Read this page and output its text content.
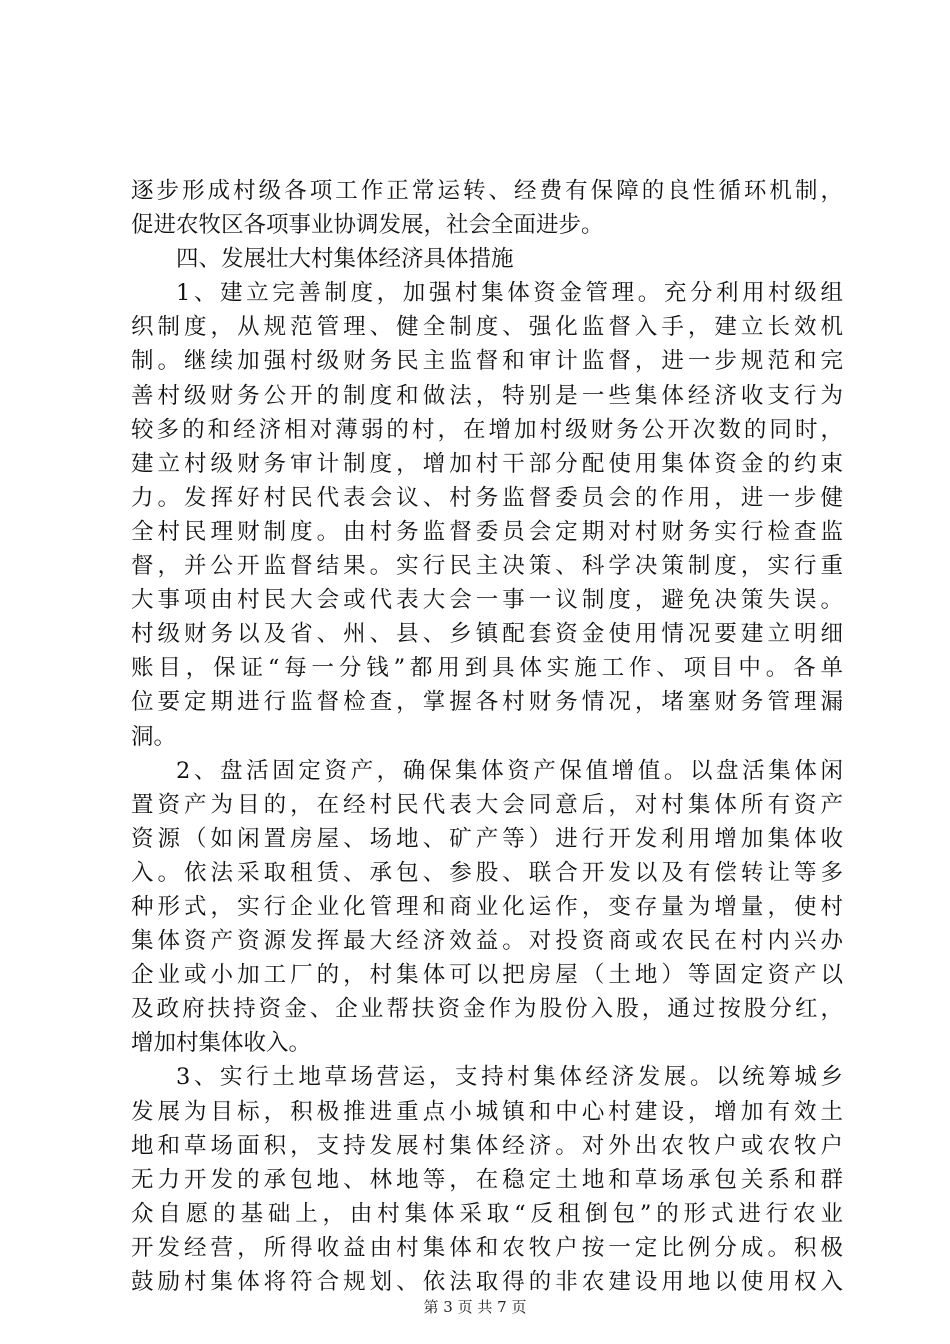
逐步形成村级各项工作正常运转、经费有保障的良性循环机制，
促进农牧区各项事业协调发展，社会全面进步。
四、发展壮大村集体经济具体措施
1、建立完善制度，加强村集体资金管理。充分利用村级组
织制度，从规范管理、健全制度、强化监督入手，建立长效机
制。继续加强村级财务民主监督和审计监督，进一步规范和完
善村级财务公开的制度和做法，特别是一些集体经济收支行为
较多的和经济相对薄弱的村，在增加村级财务公开次数的同时，
建立村级财务审计制度，增加村干部分配使用集体资金的约束
力。发挥好村民代表会议、村务监督委员会的作用，进一步健
全村民理财制度。由村务监督委员会定期对村财务实行检查监
督，并公开监督结果。实行民主决策、科学决策制度，实行重
大事项由村民大会或代表大会一事一议制度，避免决策失误。
村级财务以及省、州、县、乡镇配套资金使用情况要建立明细
账目，保证“每一分钱”都用到具体实施工作、项目中。各单
位要定期进行监督检查，掌握各村财务情况，堵塞财务管理漏
洞。
2、盘活固定资产，确保集体资产保值增值。以盘活集体闲
置资产为目的，在经村民代表大会同意后，对村集体所有资产
资源（如闲置房屋、场地、矿产等）进行开发利用增加集体收
入。依法采取租赁、承包、参股、联合开发以及有偿转让等多
种形式，实行企业化管理和商业化运作，变存量为增量，使村
集体资产资源发挥最大经济效益。对投资商或农民在村内兴办
企业或小加工厂的，村集体可以把房屋（土地）等固定资产以
及政府扶持资金、企业帮扶资金作为股份入股，通过按股分红，
增加村集体收入。
3、实行土地草场营运，支持村集体经济发展。以统筹城乡
发展为目标，积极推进重点小城镇和中心村建设，增加有效土
地和草场面积，支持发展村集体经济。对外出农牧户或农牧户
无力开发的承包地、林地等，在稳定土地和草场承包关系和群
众自愿的基础上，由村集体采取“反租倒包”的形式进行农业
开发经营，所得收益由村集体和农牧户按一定比例分成。积极
鼓励村集体将符合规划、依法取得的非农建设用地以使用权入
第 3 页 共 7 页
